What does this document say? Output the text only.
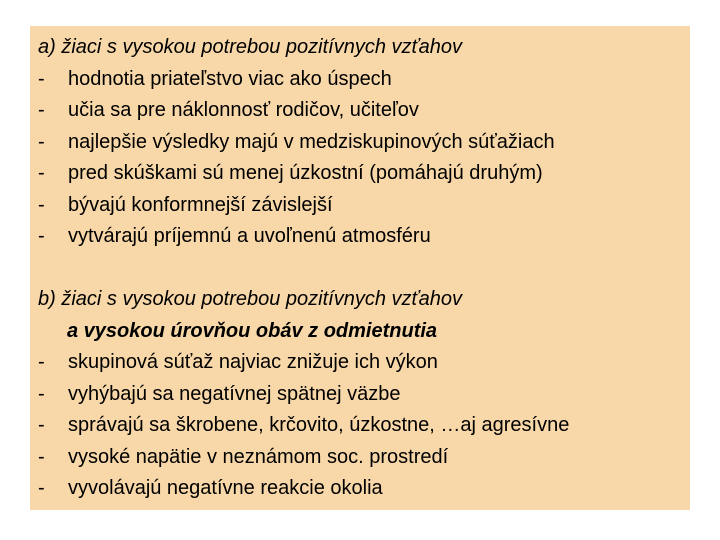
a) žiaci s vysokou potrebou pozitívnych vzťahov
- hodnotia priateľstvo viac ako úspech
- učia sa pre náklonnosť rodičov, učiteľov
- najlepšie výsledky majú v medziskupinových súťažiach
- pred skúškami sú menej úzkostní (pomáhajú druhým)
- bývajú konformnejší závislejší
- vytvárajú príjemnú a uvoľnenú atmosféru
b) žiaci s vysokou potrebou pozitívnych vzťahov
a vysokou úrovňou obáv z odmietnutia
- skupinová súťaž najviac znižuje ich výkon
- vyhýbajú sa negatívnej spätnej väzbe
- správajú sa škrobene, krčovito, úzkostne, …aj agresívne
- vysoké napätie v neznámom soc. prostredí
- vyvolávajú negatívne reakcie okolia
